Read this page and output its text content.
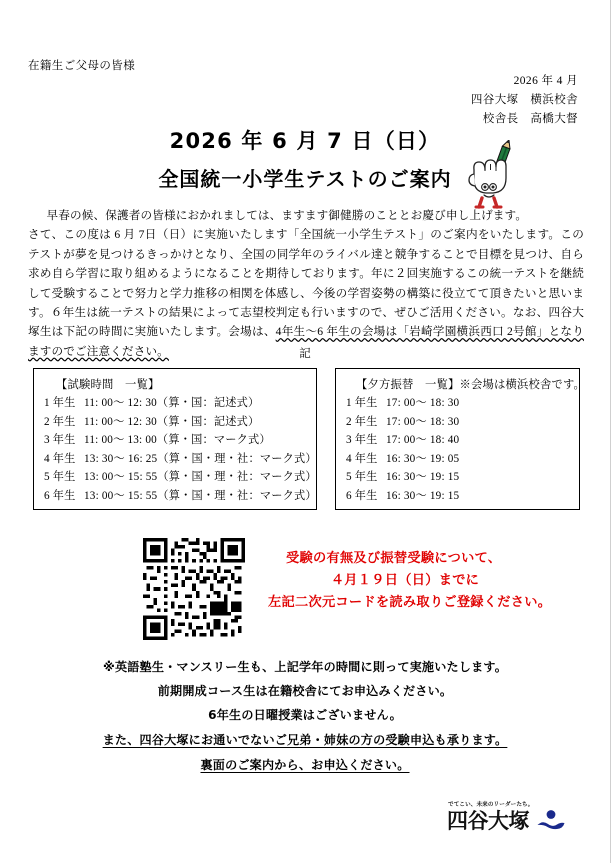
在籍生ご父母の皆様
2026 年 4 月
四谷大塚　横浜校舎
校舎長　高橋大督
2026 年 6 月 7 日（日）
全国統一小学生テストのご案内

早春の候、保護者の皆様におかれましては、ますます御健勝のこととお慶び申し上げます。

さて、この度は 6 月 7日（日）に実施いたします「全国統一小学生テスト」のご案内をいたします。このテストが夢を見つけるきっかけとなり、全国の同学年のライバル達と競争することで目標を見つけ、自ら求め自ら学習に取り組めるようになることを期待しております。年に２回実施するこの統一テストを継続して受験することで努力と学力推移の相関を体感し、今後の学習姿勢の構築に役立てて頂きたいと思います。６年生は統一テストの結果によって志望校判定も行いますので、ぜひご活用ください。なお、四谷大塚生は下記の時間に実施いたします。会場は、4年生～6 年生の会場は「岩崎学園横浜西口 2号館」となりますのでご注意ください。	記
【試験時間　一覧】
1 年生 11: 00～ 12: 30（算・国：記述式）
2 年生 11: 00～ 12: 30（算・国：記述式）
3 年生 11: 00～ 13: 00（算・国：マーク式）
4 年生 13: 30～ 16: 25（算・国・理・社：マーク式）
5 年生 13: 00～ 15: 55（算・国・理・社：マーク式）
6 年生 13: 00～ 15: 55（算・国・理・社：マーク式）
【夕方振替　一覧】※会場は横浜校舎です。
1 年生 17: 00～ 18: 30
2 年生 17: 00～ 18: 30
3 年生 17: 00～ 18: 40
4 年生 16: 30～ 19: 05
5 年生 16: 30～ 19: 15
6 年生 16: 30～ 19: 15
受験の有無及び振替受験について、
４月１９日（日）までに
左記二次元コードを読み取りご登録ください。
※英語塾生・マンスリー生も、上記学年の時間に則って実施いたします。
前期開成コース生は在籍校舎にてお申込みください。
6年生の日曜授業はございません。
また、四谷大塚にお通いでないご兄弟・姉妹の方の受験申込も承ります。
裏面のご案内から、お申込ください。
でてこい、未来のリーダーたち。
四谷大塚
